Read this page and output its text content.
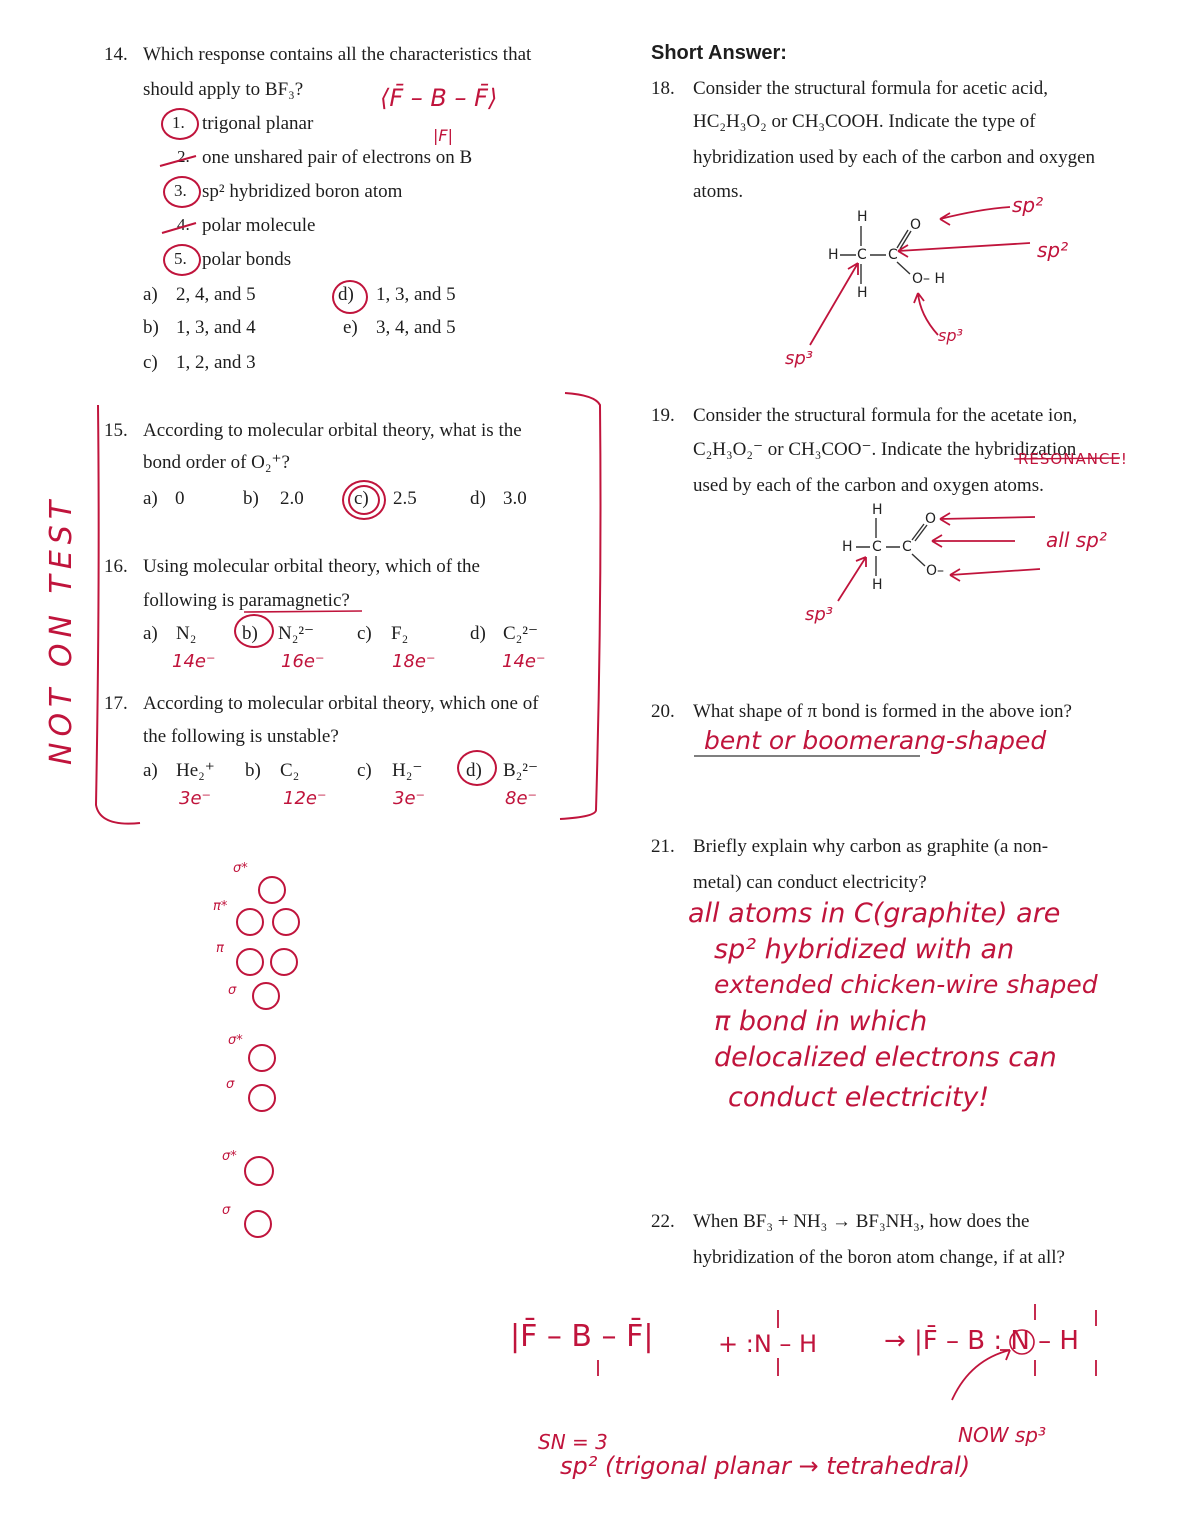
14. Which response contains all the characteristics that
should apply to BF₃?	⟨F̄ – B – F̄⟩
|F|
1. trigonal planar
2. one unshared pair of electrons on B
3. sp² hybridized boron atom
4. polar molecule
5. polar bonds
a) 2, 4, and 5
b) 1, 3, and 4
c) 1, 2, and 3
d) 1, 3, and 5
e) 3, 4, and 5
NOT ON TEST
15. According to molecular orbital theory, what is the
bond order of O₂⁺?
a) 0	b) 2.0	c) 2.5	d) 3.0
16. Using molecular orbital theory, which of the
following is paramagnetic?
a) N₂ b) N₂²⁻ c) F₂	d) C₂²⁻
14e⁻	16e⁻	18e⁻	14e⁻
17. According to molecular orbital theory, which one of
the following is unstable?
a) He₂⁺ b) C₂	c) H₂⁻ d) B₂²⁻
3e⁻	12e⁻	3e⁻	8e⁻
σ*
π*
π
σ
σ*
σ
σ*
σ
Short Answer:
18. Consider the structural formula for acetic acid,
HC₂H₃O₂ or CH₃COOH. Indicate the type of
hybridization used by each of the carbon and oxygen
atoms.
H
H C C
H
O
O– H
sp²
sp²
sp³
sp³
19. Consider the structural formula for the acetate ion,
C₂H₃O₂⁻ or CH₃COO⁻. Indicate the hybridization
used by each of the carbon and oxygen atoms.
RESONANCE!
H
H C C
H
O
O–
all sp²
sp³
20. What shape of π bond is formed in the above ion?
bent or boomerang-shaped
21. Briefly explain why carbon as graphite (a non-
metal) can conduct electricity?
all atoms in C(graphite) are
sp² hybridized with an
extended chicken-wire shaped
π bond in which
delocalized electrons can
conduct electricity!
22. When BF₃ + NH₃ → BF₃NH₃, how does the
hybridization of the boron atom change, if at all?
|F̄ – B – F̄|	+ :N – H	→ |F̄ – B : N – H
SN = 3
sp² (trigonal planar → tetrahedral)
NOW sp³
